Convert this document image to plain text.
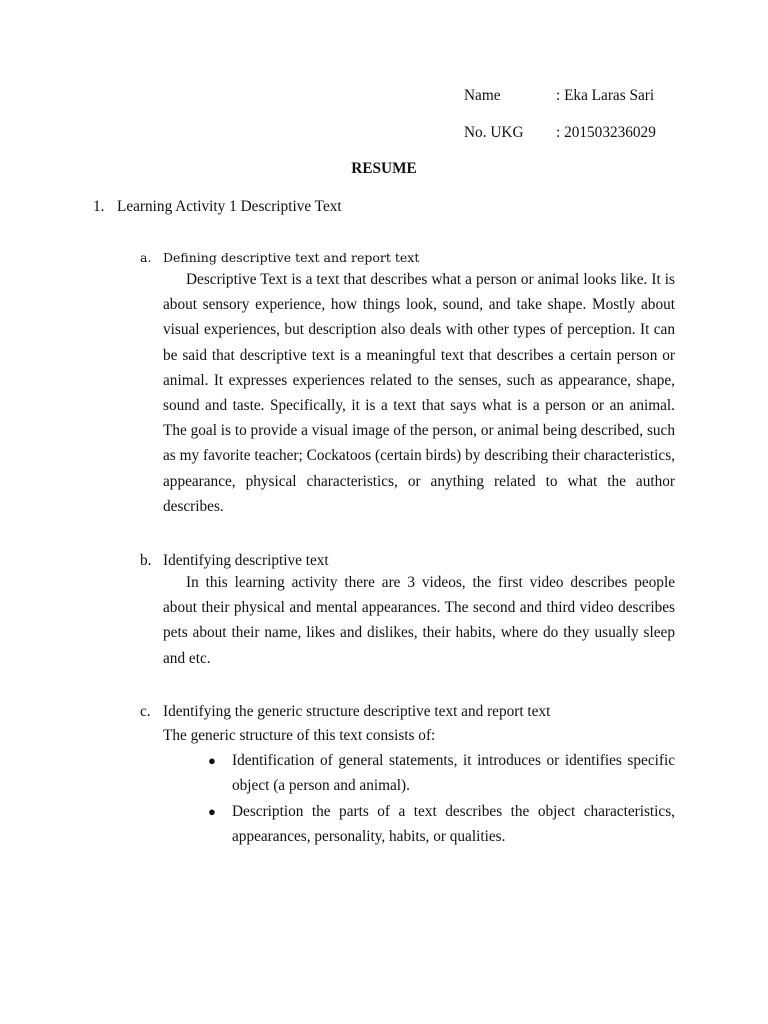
Name	: Eka Laras Sari
No. UKG : 201503236029
RESUME
1. Learning Activity 1 Descriptive Text
a. Defining descriptive text and report text

Descriptive Text is a text that describes what a person or animal looks like. It is about sensory experience, how things look, sound, and take shape. Mostly about visual experiences, but description also deals with other types of perception. It can be said that descriptive text is a meaningful text that describes a certain person or animal. It expresses experiences related to the senses, such as appearance, shape, sound and taste. Specifically, it is a text that says what is a person or an animal. The goal is to provide a visual image of the person, or animal being described, such as my favorite teacher; Cockatoos (certain birds) by describing their characteristics, appearance, physical characteristics, or anything related to what the author describes.

b. Identifying descriptive text

In this learning activity there are 3 videos, the first video describes people about their physical and mental appearances. The second and third video describes pets about their name, likes and dislikes, their habits, where do they usually sleep and etc.

c. Identifying the generic structure descriptive text and report text
The generic structure of this text consists of:
● Identification of general statements, it introduces or identifies specific object (a person and animal).
● Description the parts of a text describes the object characteristics, appearances, personality, habits, or qualities.
